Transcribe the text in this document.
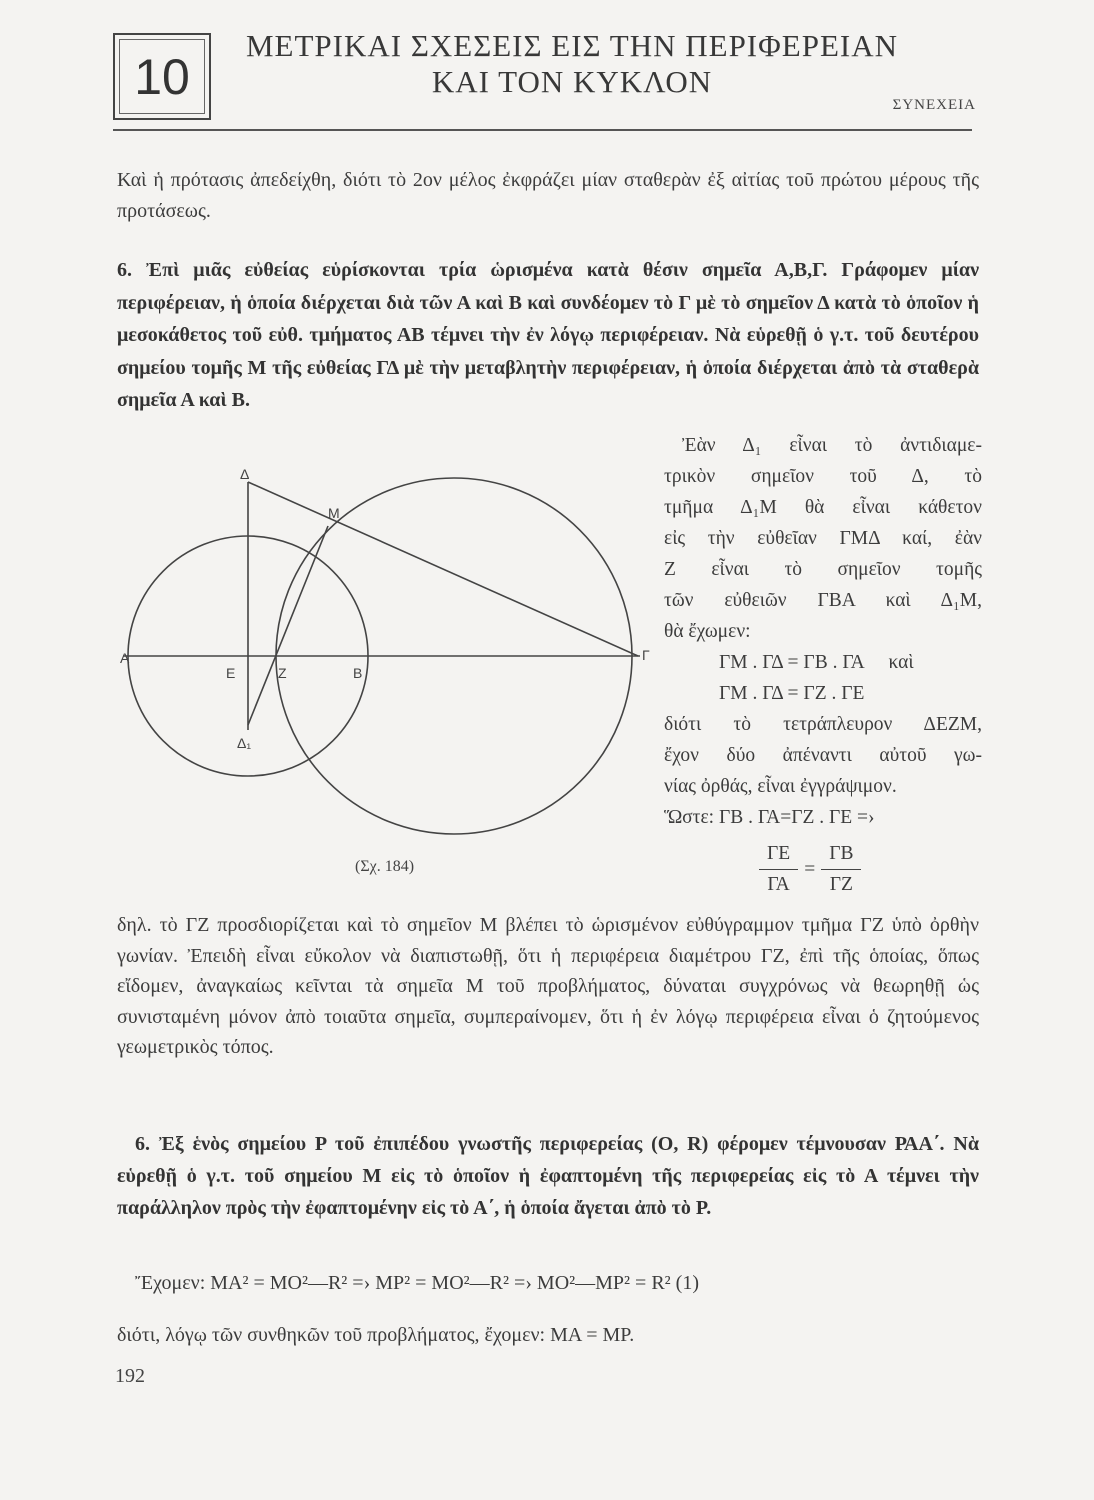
10
ΜΕΤΡΙΚΑΙ ΣΧΕΣΕΙΣ ΕΙΣ ΤΗΝ ΠΕΡΙΦΕΡΕΙΑΝ
ΚΑΙ ΤΟΝ ΚΥΚΛΟΝ
ΣΥΝΕΧΕΙΑ
Καὶ ἡ πρότασις ἀπεδείχθη, διότι τὸ 2ον μέλος ἐκφράζει μίαν σταθερὰν ἐξ αἰτίας τοῦ πρώτου μέρους τῆς προτάσεως.
6. Ἐπὶ μιᾶς εὐθείας εὑρίσκονται τρία ὡρισμένα κατὰ θέσιν σημεῖα Α,Β,Γ. Γράφομεν μίαν περιφέρειαν, ἡ ὁποία διέρχεται διὰ τῶν Α καὶ Β καὶ συνδέομεν τὸ Γ μὲ τὸ σημεῖον Δ κατὰ τὸ ὁποῖον ἡ μεσοκάθετος τοῦ εὐθ. τμήματος ΑΒ τέμνει τὴν ἐν λόγῳ περιφέρειαν. Νὰ εὑρεθῇ ὁ γ.τ. τοῦ δευτέρου σημείου τομῆς Μ τῆς εὐθείας ΓΔ μὲ τὴν μεταβλητὴν περιφέρειαν, ἡ ὁποία διέρχεται ἀπὸ τὰ σταθερὰ σημεῖα Α καὶ Β.
Δ
Μ
Α
Ε	Ζ	Β
Γ
Δ₁
(Σχ. 184)
Ἐὰν Δ₁ εἶναι τὸ ἀντιδιαμε-
τρικὸν σημεῖον τοῦ Δ, τὸ
τμῆμα Δ₁Μ θὰ εἶναι κάθετον
εἰς τὴν εὐθεῖαν ΓΜΔ καί, ἐὰν
Ζ εἶναι τὸ σημεῖον τομῆς
τῶν εὐθειῶν ΓΒΑ καὶ Δ₁Μ,
θὰ ἔχωμεν:
ΓΜ . ΓΔ = ΓΒ . ΓΑ καὶ
ΓΜ . ΓΔ = ΓΖ . ΓΕ
διότι τὸ τετράπλευρον ΔΕΖΜ,
ἔχον δύο ἀπέναντι αὐτοῦ γω-
νίας ὀρθάς, εἶναι ἐγγράψιμον.
Ὥστε: ΓΒ . ΓΑ=ΓΖ . ΓΕ =›
$\frac{\Gamma E}{\Gamma A} = \frac{\Gamma B}{\Gamma Z}$
δηλ. τὸ ΓΖ προσδιορίζεται καὶ τὸ σημεῖον Μ βλέπει τὸ ὡρισμένον εὐθύγραμμον τμῆμα ΓΖ ὑπὸ ὀρθὴν γωνίαν. Ἐπειδὴ εἶναι εὔκολον νὰ διαπιστωθῇ, ὅτι ἡ περιφέρεια διαμέτρου ΓΖ, ἐπὶ τῆς ὁποίας, ὅπως εἴδομεν, ἀναγκαίως κεῖνται τὰ σημεῖα Μ τοῦ προβλήματος, δύναται συγχρόνως νὰ θεωρηθῇ ὡς συνισταμένη μόνον ἀπὸ τοιαῦτα σημεῖα, συμπεραίνομεν, ὅτι ἡ ἐν λόγῳ περιφέρεια εἶναι ὁ ζητούμενος γεωμετρικὸς τόπος.
6. Ἐξ ἑνὸς σημείου Ρ τοῦ ἐπιπέδου γνωστῆς περιφερείας (Ο, R) φέρομεν τέμνουσαν ΡΑΑ΄. Νὰ εὑρεθῇ ὁ γ.τ. τοῦ σημείου Μ εἰς τὸ ὁποῖον ἡ ἐφαπτομένη τῆς περιφερείας εἰς τὸ Α τέμνει τὴν παράλληλον πρὸς τὴν ἐφαπτομένην εἰς τὸ Α΄, ἡ ὁποία ἄγεται ἀπὸ τὸ Ρ.
Ἔχομεν: ΜΑ² = ΜΟ²—R² =› ΜΡ² = ΜΟ²—R² =› ΜΟ²—ΜΡ² = R² (1)
διότι, λόγῳ τῶν συνθηκῶν τοῦ προβλήματος, ἔχομεν: ΜΑ = ΜΡ.
192
